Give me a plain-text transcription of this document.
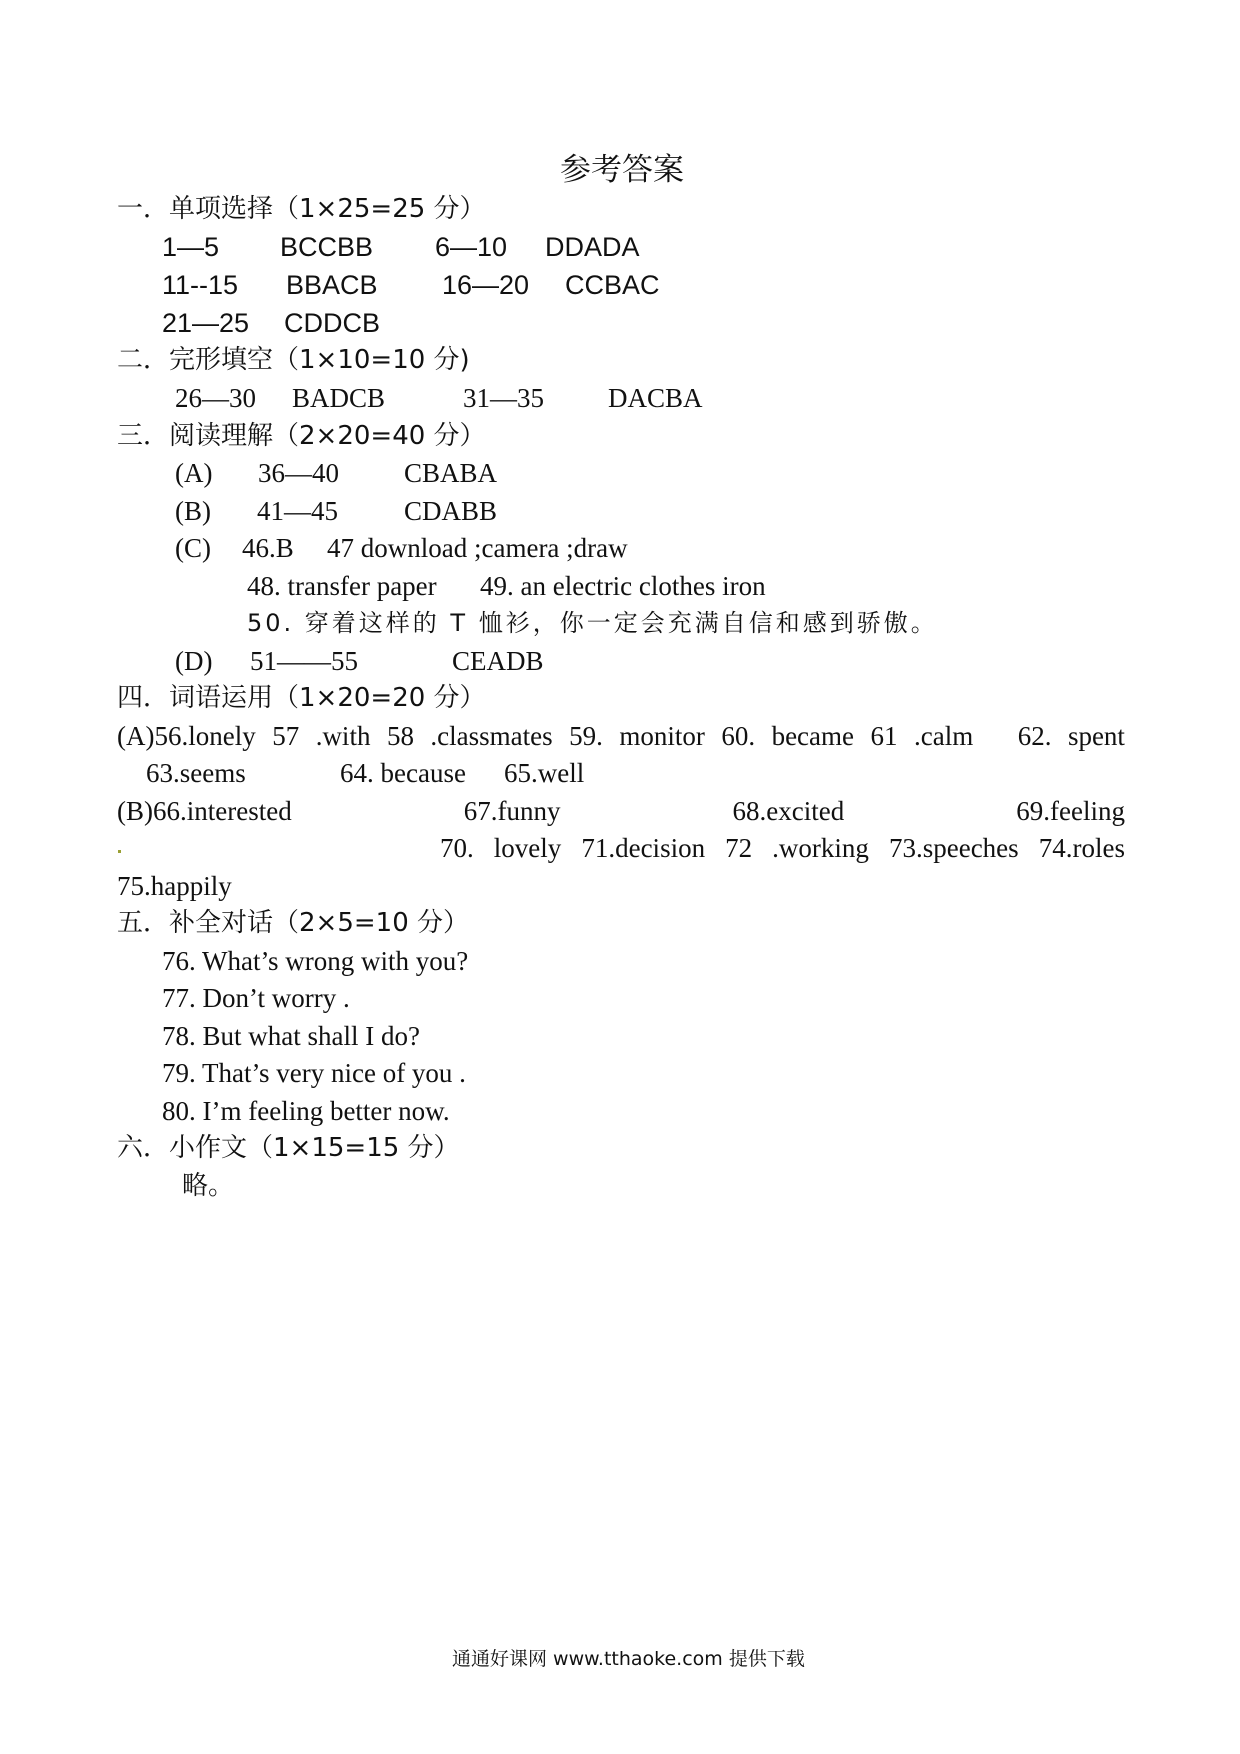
参考答案
一．单项选择（1×25=25 分）
1—5 BCCBB 6—10 DDADA
11--15 BBACB 16—20 CCBAC
21—25 CDDCB
二．完形填空（1×10=10 分)
26—30 BADCB	31—35 DACBA
三．阅读理解（2×20=40 分）
(A) 36—40 CBABA
(B) 41—45 CDABB
(C) 46.B 47 download ;camera ;draw
48. transfer paper 49. an electric clothes iron
50. 穿着这样的 T 恤衫，你一定会充满自信和感到骄傲。
(D) 51——55	CEADB
四．词语运用（1×20=20 分）
(A)56.lonely 57 .with 58 .classmates 59. monitor 60. became 61 .calm 62. spent
63.seems	64. because 65.well
(B)66.interested	67.funny	68.excited	69.feeling
70. lovely 71.decision 72 .working 73.speeches 74.roles
75.happily
五．补全对话（2×5=10 分）
76. What’s wrong with you?
77. Don’t worry .
78. But what shall I do?
79. That’s very nice of you .
80. I’m feeling better now.
六．小作文（1×15=15 分）
略。
通通好课网 www.tthaoke.com 提供下载
